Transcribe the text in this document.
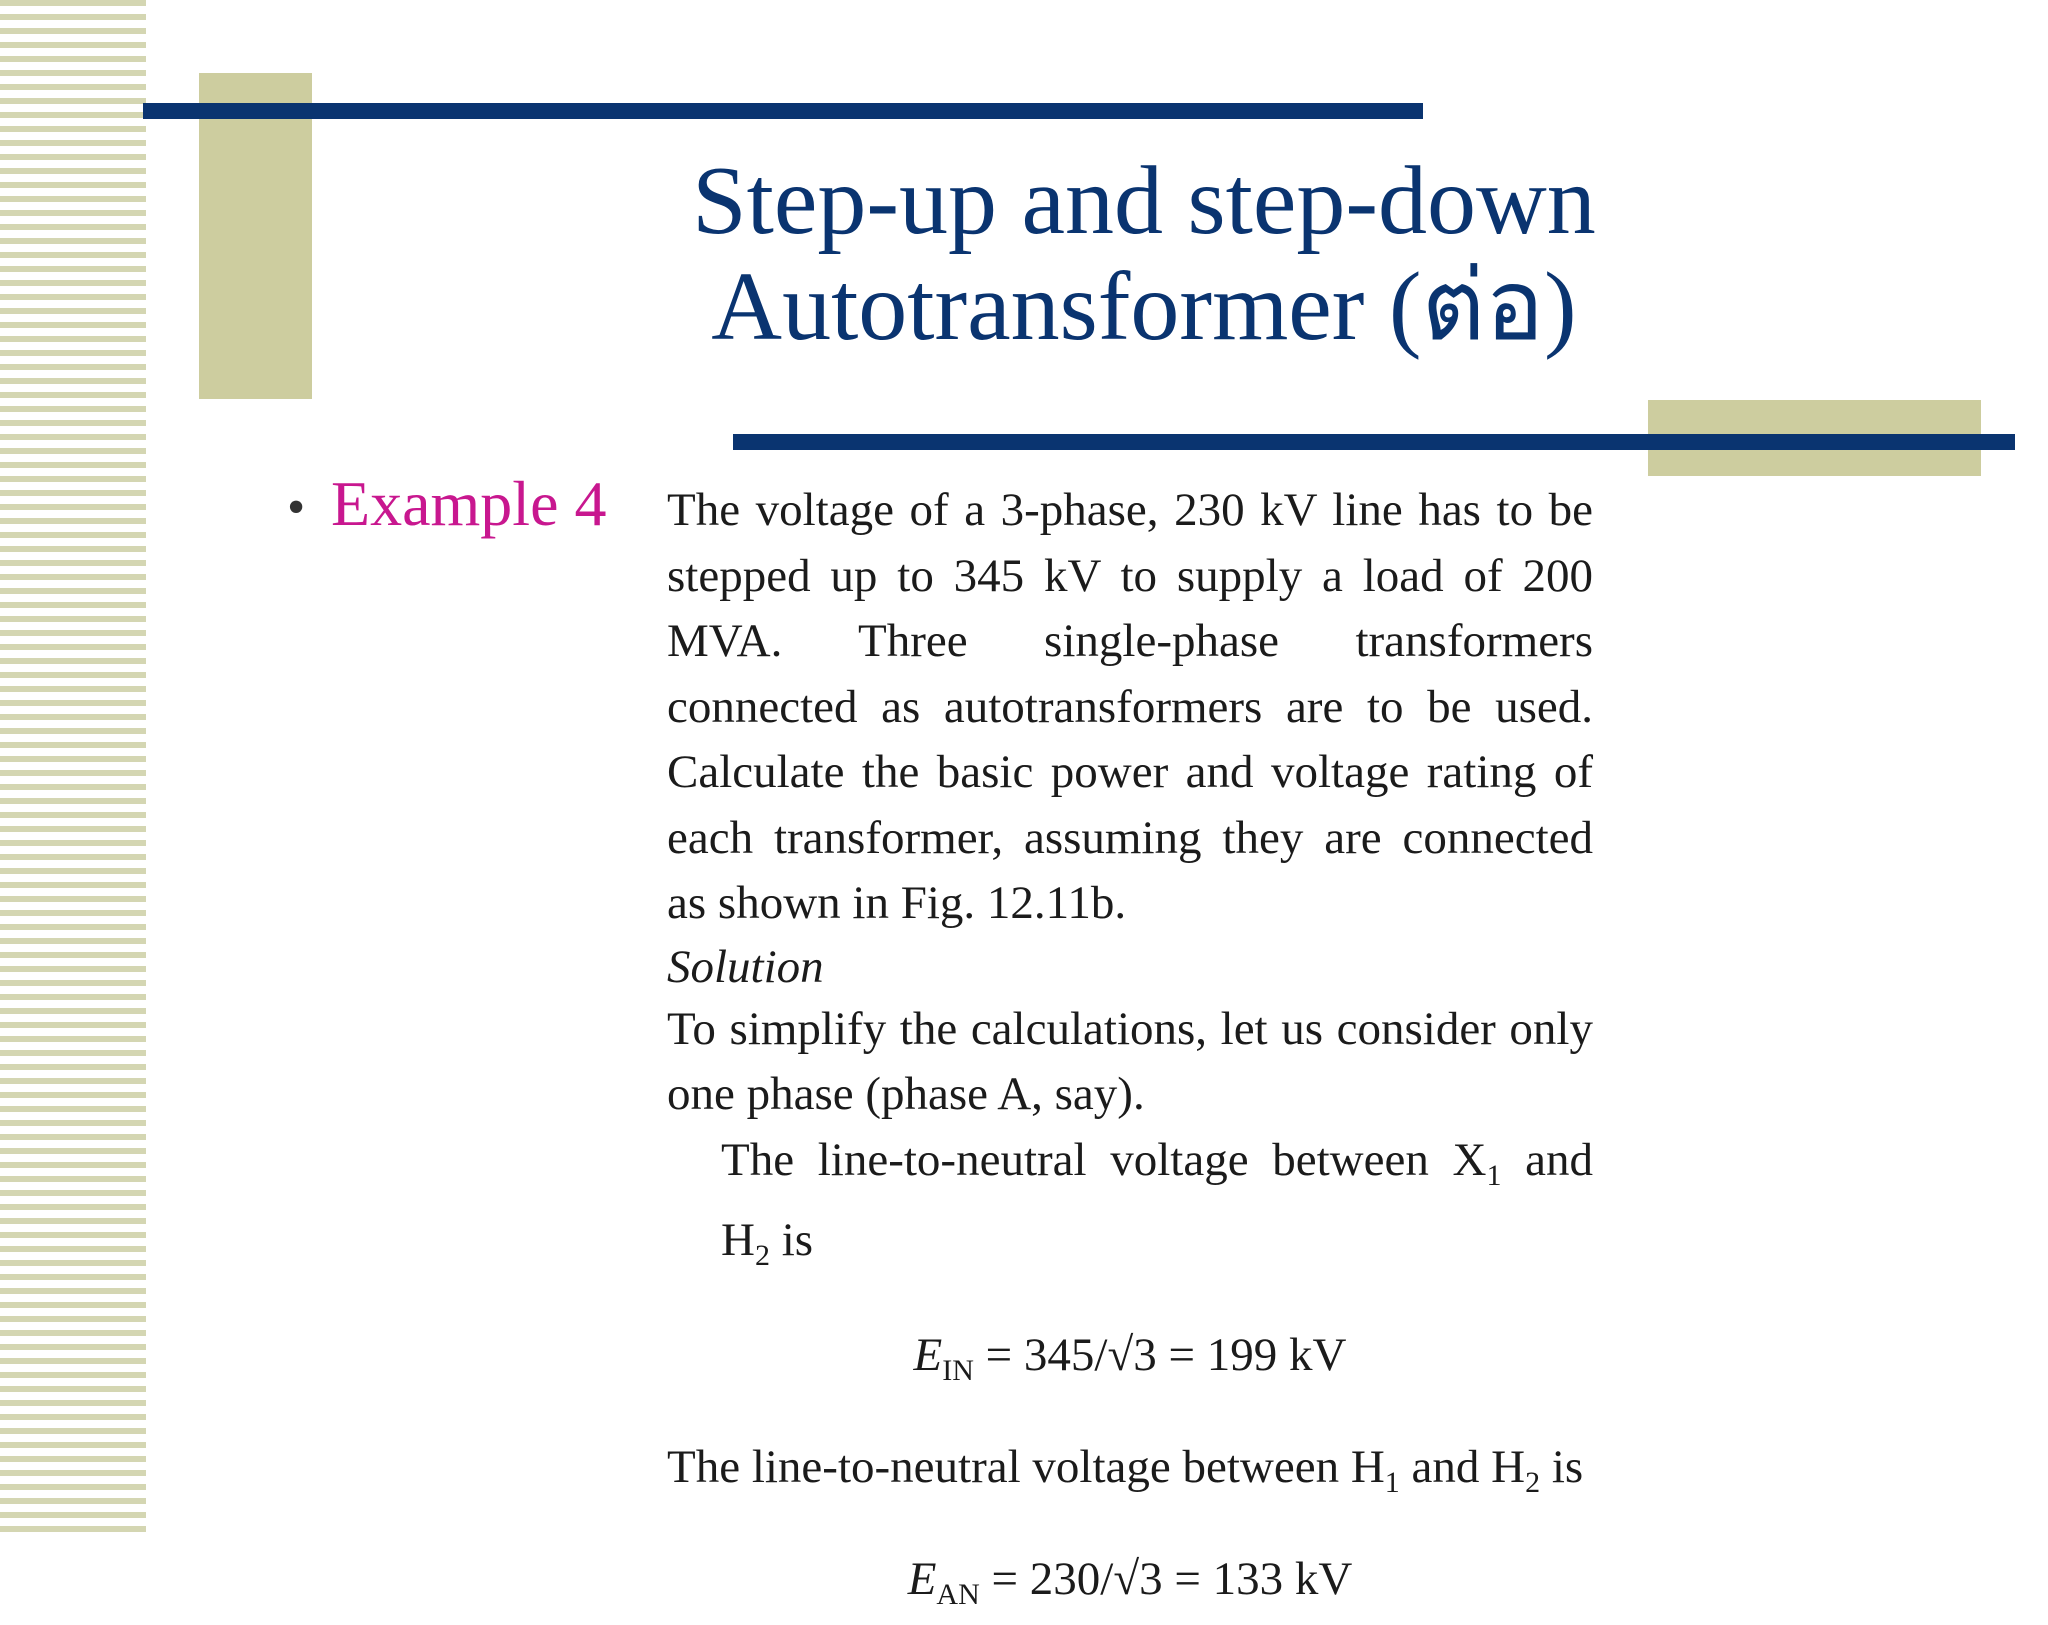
Step-up and step-down
Autotransformer (ต่อ)
• Example 4 The voltage of a 3-phase, 230 kV line has to be stepped up to 345 kV to supply a load of 200 MVA. Three single-phase transformers connected as autotransformers are to be used. Calculate the basic power and voltage rating of each transformer, assuming they are connected as shown in Fig. 12.11b.

Solution

To simplify the calculations, let us consider only one phase (phase A, say).

The line-to-neutral voltage between $X_1$ and $H_2$ is

$E_{IN} = 345/√3 = 199$ kV

The line-to-neutral voltage between $H_1$ and $H_2$ is

$E_{AN} = 230/√3 = 133$ kV
